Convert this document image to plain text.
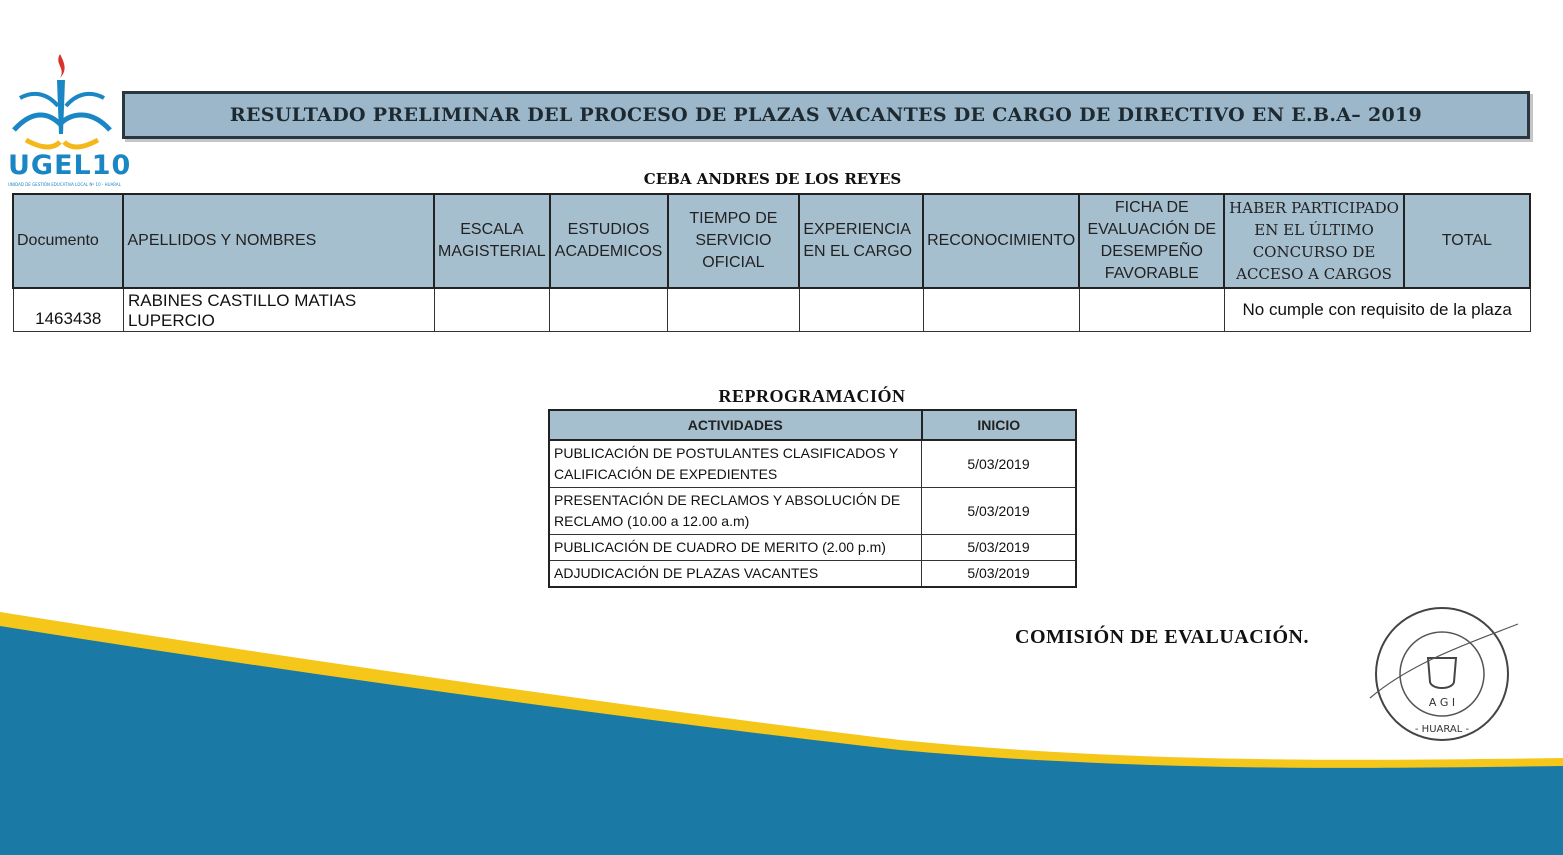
UGEL10
UNIDAD DE GESTIÓN EDUCATIVA LOCAL Nº 10 - HUARAL
RESULTADO PRELIMINAR DEL PROCESO DE PLAZAS VACANTES DE CARGO DE DIRECTIVO EN E.B.A– 2019
CEBA ANDRES DE LOS REYES
Documento	APELLIDOS Y NOMBRES	ESCALA MAGISTERIAL	ESTUDIOS ACADEMICOS	TIEMPO DE SERVICIO OFICIAL	EXPERIENCIA EN EL CARGO	RECONOCIMIENTO	FICHA DE EVALUACIÓN DE DESEMPEÑO FAVORABLE	HABER PARTICIPADO EN EL ÚLTIMO CONCURSO DE ACCESO A CARGOS	TOTAL
1463438	RABINES CASTILLO MATIAS LUPERCIO							No cumple con requisito de la plaza	
REPROGRAMACIÓN
ACTIVIDADES	INICIO
PUBLICACIÓN DE POSTULANTES CLASIFICADOS Y CALIFICACIÓN DE EXPEDIENTES	5/03/2019
PRESENTACIÓN DE RECLAMOS Y ABSOLUCIÓN DE RECLAMO (10.00 a 12.00 a.m)	5/03/2019
PUBLICACIÓN DE CUADRO DE MERITO (2.00 p.m)	5/03/2019
ADJUDICACIÓN DE PLAZAS VACANTES	5/03/2019
COMISIÓN DE EVALUACIÓN.
A G I
- HUARAL -
